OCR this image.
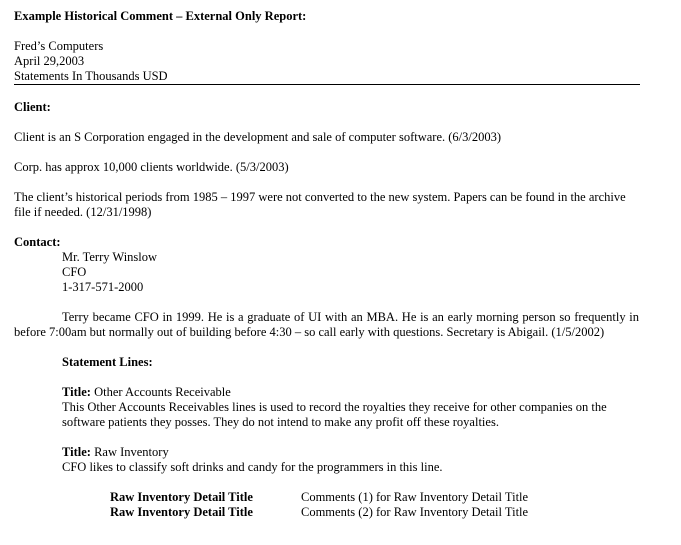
Example Historical Comment – External Only Report:
Fred’s Computers
April 29,2003
Statements In Thousands USD
Client:
Client is an S Corporation engaged in the development and sale of computer software. (6/3/2003)
Corp. has approx 10,000 clients worldwide. (5/3/2003)
The client’s historical periods from 1985 – 1997 were not converted to the new system. Papers can be found in the archive file if needed. (12/31/1998)
Contact:
Mr. Terry Winslow
CFO
1-317-571-2000
Terry became CFO in 1999. He is a graduate of UI with an MBA. He is an early morning person so frequently in before 7:00am but normally out of building before 4:30 – so call early with questions. Secretary is Abigail. (1/5/2002)
Statement Lines:
Title: Other Accounts Receivable
This Other Accounts Receivables lines is used to record the royalties they receive for other companies on the software patients they posses. They do not intend to make any profit off these royalties.
Title: Raw Inventory
CFO likes to classify soft drinks and candy for the programmers in this line.
Raw Inventory Detail Title	Comments (1) for Raw Inventory Detail Title
Raw Inventory Detail Title	Comments (2) for Raw Inventory Detail Title
